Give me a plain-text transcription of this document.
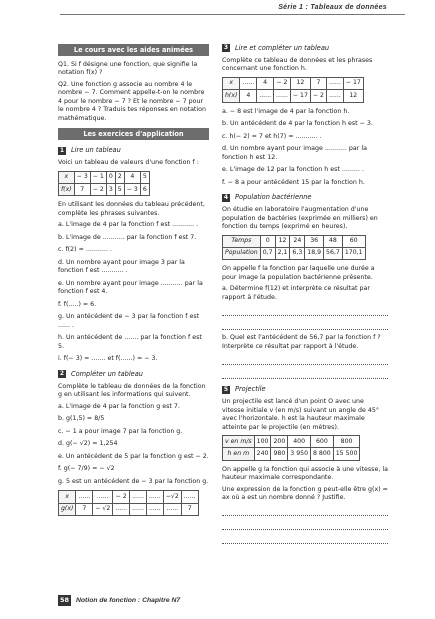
Série 1 : Tableaux de données
Le cours avec les aides animées

Q1. Si f désigne une fonction, que signifie la notation f(x) ?

Q2. Une fonction g associe au nombre 4 le nombre − 7. Comment appelle-t-on le nombre 4 pour le nombre − 7 ? Et le nombre − 7 pour le nombre 4 ? Traduis tes réponses en notation mathématique.

Les exercices d'application
1 Lire un tableau

Voici un tableau de valeurs d'une fonction f :

x	− 3	− 1	0	2	4	5
f(x)	7	− 2	3	5	− 3	6

En utilisant les données du tableau précédent, complète les phrases suivantes.

a. L'image de 4 par la fonction f est ........... .
b. L'image de ........... par la fonction f est 7.
c. f(2) = ........... .
d. Un nombre ayant pour image 3 par la fonction f est ........... .
e. Un nombre ayant pour image ........... par la fonction f est 4.
f. f(.....) = 6.
g. Un antécédent de − 3 par la fonction f est ...... .
h. Un antécédent de ....... par la fonction f est 5.
i. f(− 3) = ....... et f(......) = − 3.
2 Compléter un tableau

Complète le tableau de données de la fonction g en utilisant les informations qui suivent.

a. L'image de 4 par la fonction g est 7.
b. g(1,5) = 8/5
c. − 1 a pour image 7 par la fonction g.
d. g(− √2) = 1,254
e. Un antécédent de 5 par la fonction g est − 2.
f. g(− 7/9) = − √2
g. 5 est un antécédent de − 3 par la fonction g.
x	......	......	− 2	......	......	−√2	......
g(x)	7	− √2	......	......	......	......	7
3 Lire et compléter un tableau

Complète ce tableau de données et les phrases concernant une fonction h.

x	......	4	− 2	12	7	......	− 17
h(x)	4	......	......	− 17	− 2	......	12
a. − 8 est l'image de 4 par la fonction h.
b. Un antécédent de 4 par la fonction h est − 3.
c. h(− 2) = 7 et h(7) = ........... .
d. Un nombre ayant pour image ........... par la fonction h est 12.
e. L'image de 12 par la fonction h est ......... .
f. − 8 a pour antécédent 15 par la fonction h.
4 Population bactérienne

On étudie en laboratoire l'augmentation d'une population de bactéries (exprimée en milliers) en fonction du temps (exprimé en heures).

Temps	0	12	24	36	48	60
Population	0,7	2,1	6,3	18,9	56,7	170,1

On appelle f la fonction par laquelle une durée a pour image la population bactérienne présente.

a. Détermine f(12) et interprète ce résultat par rapport à l'étude.
b. Quel est l'antécédent de 56,7 par la fonction f ? Interprète ce résultat par rapport à l'étude.
5 Projectile

Un projectile est lancé d'un point O avec une vitesse initiale v (en m/s) suivant un angle de 45° avec l'horizontale. h est la hauteur maximale atteinte par le projectile (en mètres).

v en m/s	100	200	400	600	800
h en m	240	980	3 950	8 800	15 500

On appelle g la fonction qui associe à une vitesse, la hauteur maximale correspondante.

Une expression de la fonction g peut-elle être g(x) = ax où a est un nombre donné ? Justifie.

58 Notion de fonction : Chapitre N7
